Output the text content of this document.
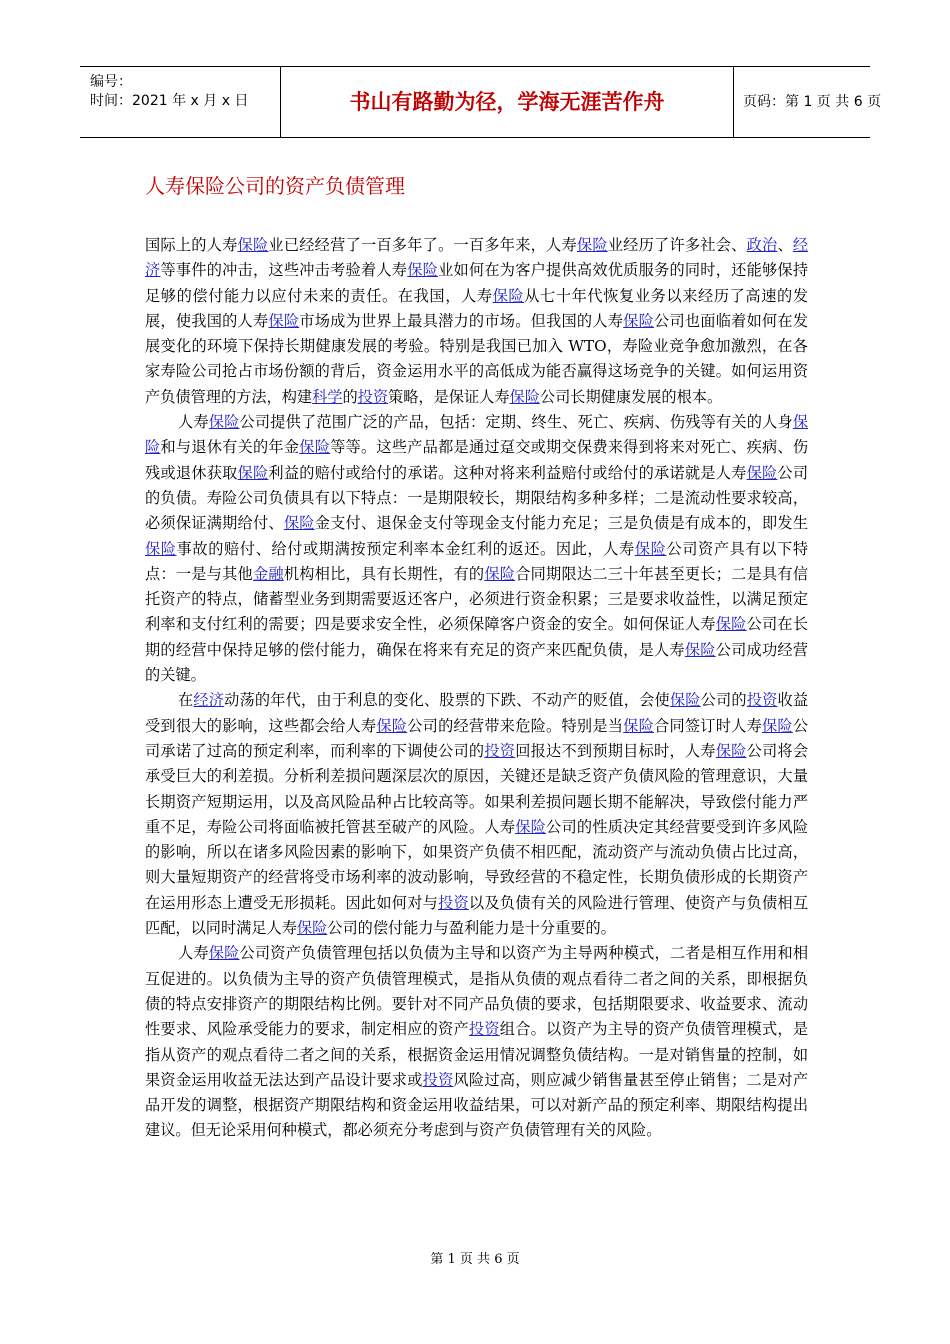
编号：
时间：2021 年 x 月 x 日	书山有路勤为径，学海无涯苦作舟	页码：第 1 页 共 6 页
人寿保险公司的资产负债管理

国际上的人寿保险业已经经营了一百多年了。一百多年来，人寿保险业经历了许多社会、政治、经济等事件的冲击，这些冲击考验着人寿保险业如何在为客户提供高效优质服务的同时，还能够保持足够的偿付能力以应付未来的责任。在我国，人寿保险从七十年代恢复业务以来经历了高速的发展，使我国的人寿保险市场成为世界上最具潜力的市场。但我国的人寿保险公司也面临着如何在发展变化的环境下保持长期健康发展的考验。特别是我国已加入 WTO，寿险业竞争愈加激烈，在各家寿险公司抢占市场份额的背后，资金运用水平的高低成为能否赢得这场竞争的关键。如何运用资产负债管理的方法，构建科学的投资策略，是保证人寿保险公司长期健康发展的根本。

人寿保险公司提供了范围广泛的产品，包括：定期、终生、死亡、疾病、伤残等有关的人身保险和与退休有关的年金保险等等。这些产品都是通过趸交或期交保费来得到将来对死亡、疾病、伤残或退休获取保险利益的赔付或给付的承诺。这种对将来利益赔付或给付的承诺就是人寿保险公司的负债。寿险公司负债具有以下特点：一是期限较长，期限结构多种多样；二是流动性要求较高，必须保证满期给付、保险金支付、退保金支付等现金支付能力充足；三是负债是有成本的，即发生保险事故的赔付、给付或期满按预定利率本金红利的返还。因此，人寿保险公司资产具有以下特点：一是与其他金融机构相比，具有长期性，有的保险合同期限达二三十年甚至更长；二是具有信托资产的特点，储蓄型业务到期需要返还客户，必须进行资金积累；三是要求收益性，以满足预定利率和支付红利的需要；四是要求安全性，必须保障客户资金的安全。如何保证人寿保险公司在长期的经营中保持足够的偿付能力，确保在将来有充足的资产来匹配负债，是人寿保险公司成功经营的关键。

在经济动荡的年代，由于利息的变化、股票的下跌、不动产的贬值，会使保险公司的投资收益受到很大的影响，这些都会给人寿保险公司的经营带来危险。特别是当保险合同签订时人寿保险公司承诺了过高的预定利率，而利率的下调使公司的投资回报达不到预期目标时，人寿保险公司将会承受巨大的利差损。分析利差损问题深层次的原因，关键还是缺乏资产负债风险的管理意识，大量长期资产短期运用，以及高风险品种占比较高等。如果利差损问题长期不能解决，导致偿付能力严重不足，寿险公司将面临被托管甚至破产的风险。人寿保险公司的性质决定其经营要受到许多风险的影响，所以在诸多风险因素的影响下，如果资产负债不相匹配，流动资产与流动负债占比过高，则大量短期资产的经营将受市场利率的波动影响，导致经营的不稳定性，长期负债形成的长期资产在运用形态上遭受无形损耗。因此如何对与投资以及负债有关的风险进行管理、使资产与负债相互匹配，以同时满足人寿保险公司的偿付能力与盈利能力是十分重要的。

人寿保险公司资产负债管理包括以负债为主导和以资产为主导两种模式，二者是相互作用和相互促进的。以负债为主导的资产负债管理模式，是指从负债的观点看待二者之间的关系，即根据负债的特点安排资产的期限结构比例。要针对不同产品负债的要求，包括期限要求、收益要求、流动性要求、风险承受能力的要求，制定相应的资产投资组合。以资产为主导的资产负债管理模式，是指从资产的观点看待二者之间的关系，根据资金运用情况调整负债结构。一是对销售量的控制，如果资金运用收益无法达到产品设计要求或投资风险过高，则应减少销售量甚至停止销售；二是对产品开发的调整，根据资产期限结构和资金运用收益结果，可以对新产品的预定利率、期限结构提出建议。但无论采用何种模式，都必须充分考虑到与资产负债管理有关的风险。

第 1 页 共 6 页
